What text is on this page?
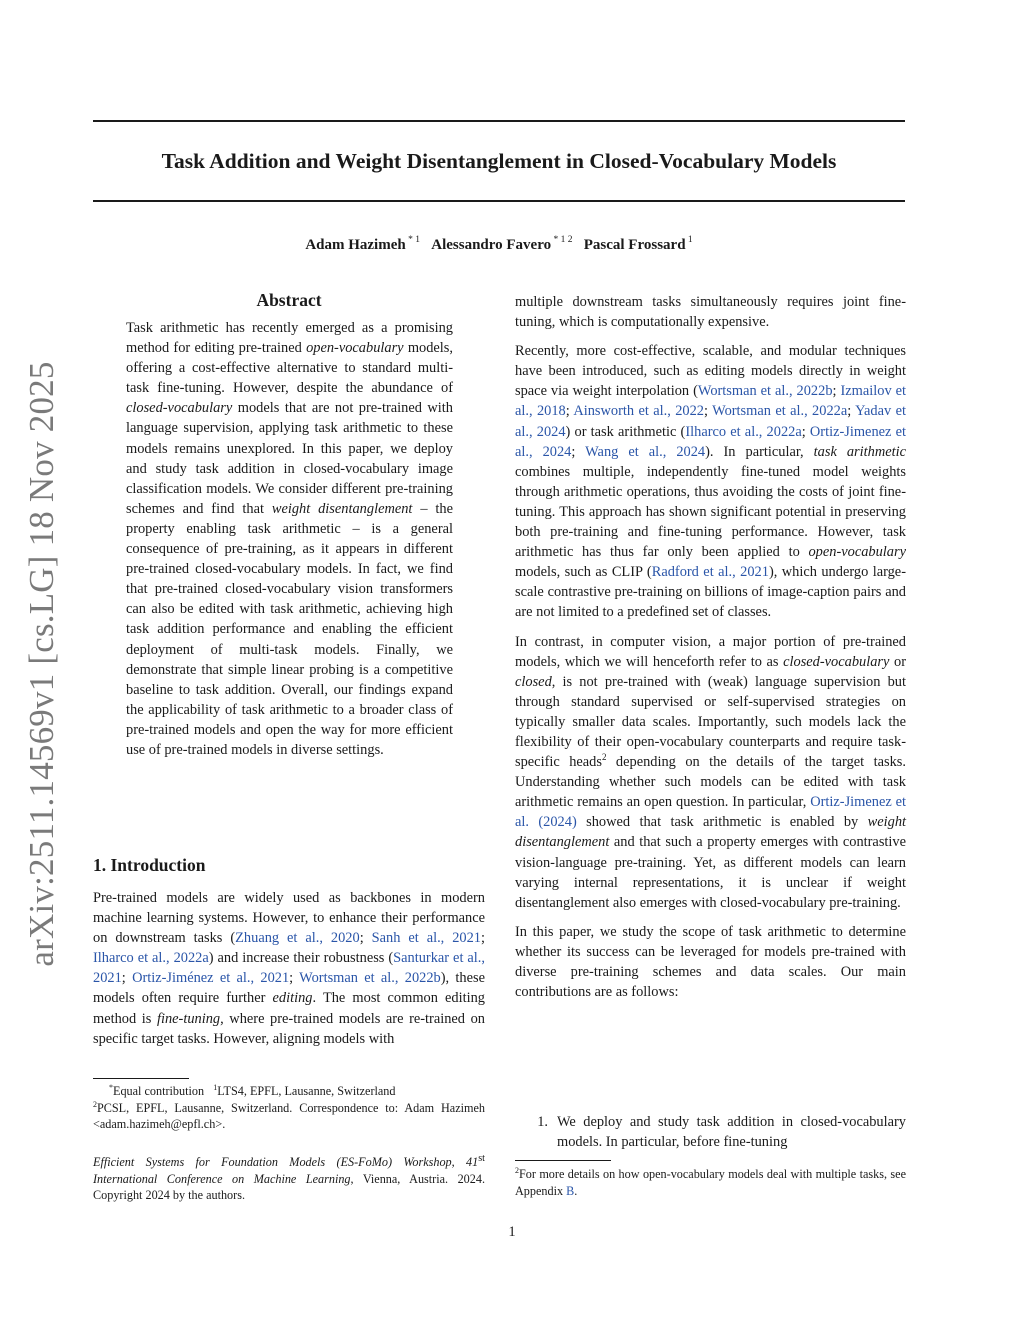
Task Addition and Weight Disentanglement in Closed-Vocabulary Models
Adam Hazimeh $^{* 1}$ Alessandro Favero $^{* 1 2}$ Pascal Frossard $^1$
arXiv:2511.14569v1 [cs.LG] 18 Nov 2025
Abstract

Task arithmetic has recently emerged as a promising method for editing pre-trained open-vocabulary models, offering a cost-effective alternative to standard multi-task fine-tuning. However, despite the abundance of closed-vocabulary models that are not pre-trained with language supervision, applying task arithmetic to these models remains unexplored. In this paper, we deploy and study task addition in closed-vocabulary image classification models. We consider different pre-training schemes and find that weight disentanglement – the property enabling task arithmetic – is a general consequence of pre-training, as it appears in different pre-trained closed-vocabulary models. In fact, we find that pre-trained closed-vocabulary vision transformers can also be edited with task arithmetic, achieving high task addition performance and enabling the efficient deployment of multi-task models. Finally, we demonstrate that simple linear probing is a competitive baseline to task addition. Overall, our findings expand the applicability of task arithmetic to a broader class of pre-trained models and open the way for more efficient use of pre-trained models in diverse settings.

1. Introduction

Pre-trained models are widely used as backbones in modern machine learning systems. However, to enhance their performance on downstream tasks (Zhuang et al., 2020; Sanh et al., 2021; Ilharco et al., 2022a) and increase their robustness (Santurkar et al., 2021; Ortiz-Jiménez et al., 2021; Wortsman et al., 2022b), these models often require further editing. The most common editing method is fine-tuning, where pre-trained models are re-trained on specific target tasks. However, aligning models with

*Equal contribution $^1$LTS4, EPFL, Lausanne, Switzerland

$^2$PCSL, EPFL, Lausanne, Switzerland. Correspondence to: Adam Hazimeh <adam.hazimeh@epfl.ch>.

Efficient Systems for Foundation Models (ES-FoMo) Workshop, 41st International Conference on Machine Learning, Vienna, Austria. 2024. Copyright 2024 by the authors.

multiple downstream tasks simultaneously requires joint fine-tuning, which is computationally expensive.

Recently, more cost-effective, scalable, and modular techniques have been introduced, such as editing models directly in weight space via weight interpolation (Wortsman et al., 2022b; Izmailov et al., 2018; Ainsworth et al., 2022; Wortsman et al., 2022a; Yadav et al., 2024) or task arithmetic (Ilharco et al., 2022a; Ortiz-Jimenez et al., 2024; Wang et al., 2024). In particular, task arithmetic combines multiple, independently fine-tuned model weights through arithmetic operations, thus avoiding the costs of joint fine-tuning. This approach has shown significant potential in preserving both pre-training and fine-tuning performance. However, task arithmetic has thus far only been applied to open-vocabulary models, such as CLIP (Radford et al., 2021), which undergo large-scale contrastive pre-training on billions of image-caption pairs and are not limited to a predefined set of classes.

In contrast, in computer vision, a major portion of pre-trained models, which we will henceforth refer to as closed-vocabulary or closed, is not pre-trained with (weak) language supervision but through standard supervised or self-supervised strategies on typically smaller data scales. Importantly, such models lack the flexibility of their open-vocabulary counterparts and require task-specific heads$^2$ depending on the details of the target tasks. Understanding whether such models can be edited with task arithmetic remains an open question. In particular, Ortiz-Jimenez et al. (2024) showed that task arithmetic is enabled by weight disentanglement and that such a property emerges with contrastive vision-language pre-training. Yet, as different models can learn varying internal representations, it is unclear if weight disentanglement also emerges with closed-vocabulary pre-training.

In this paper, we study the scope of task arithmetic to determine whether its success can be leveraged for models pre-trained with diverse pre-training schemes and data scales. Our main contributions are as follows:

1. We deploy and study task addition in closed-vocabulary models. In particular, before fine-tuning
$^2$For more details on how open-vocabulary models deal with multiple tasks, see Appendix B.
1
